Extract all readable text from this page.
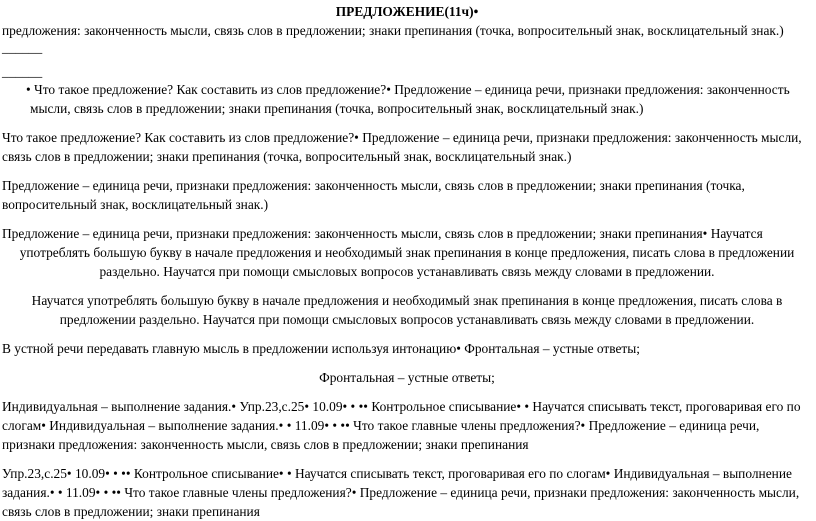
ПРЕДЛОЖЕНИЕ(11ч)•

предложения: законченность мысли, связь слов в предложении; знаки препинания (точка, вопросительный знак, восклицательный знак.)

______

______

• Что такое предложение? Как составить из слов предложение?• Предложение – единица речи, признаки предложения: законченность мысли, связь слов в предложении; знаки препинания (точка, вопросительный знак, восклицательный знак.)

Что такое предложение? Как составить из слов предложение?• Предложение – единица речи, признаки предложения: законченность мысли, связь слов в предложении; знаки препинания (точка, вопросительный знак, восклицательный знак.)

Предложение – единица речи, признаки предложения: законченность мысли, связь слов в предложении; знаки препинания (точка, вопросительный знак, восклицательный знак.)

Предложение – единица речи, признаки предложения: законченность мысли, связь слов в предложении; знаки препинания• Научатся

употреблять большую букву в начале предложения и необходимый знак препинания в конце предложения, писать слова в предложении раздельно. Научатся при помощи смысловых вопросов устанавливать связь между словами в предложении.

Научатся употреблять большую букву в начале предложения и необходимый знак препинания в конце предложения, писать слова в предложении раздельно. Научатся при помощи смысловых вопросов устанавливать связь между словами в предложении.

В устной речи передавать главную мысль в предложении используя интонацию• Фронтальная – устные ответы;

Фронтальная – устные ответы;

Индивидуальная – выполнение задания.• Упр.23,с.25• 10.09• • •• Контрольное списывание• • Научатся списывать текст, проговаривая его по слогам• Индивидуальная – выполнение задания.• • 11.09• • •• Что такое главные члены предложения?• Предложение – единица речи, признаки предложения: законченность мысли, связь слов в предложении; знаки препинания

Упр.23,с.25• 10.09• • •• Контрольное списывание• • Научатся списывать текст, проговаривая его по слогам• Индивидуальная – выполнение задания.• • 11.09• • •• Что такое главные члены предложения?• Предложение – единица речи, признаки предложения: законченность мысли, связь слов в предложении; знаки препинания
